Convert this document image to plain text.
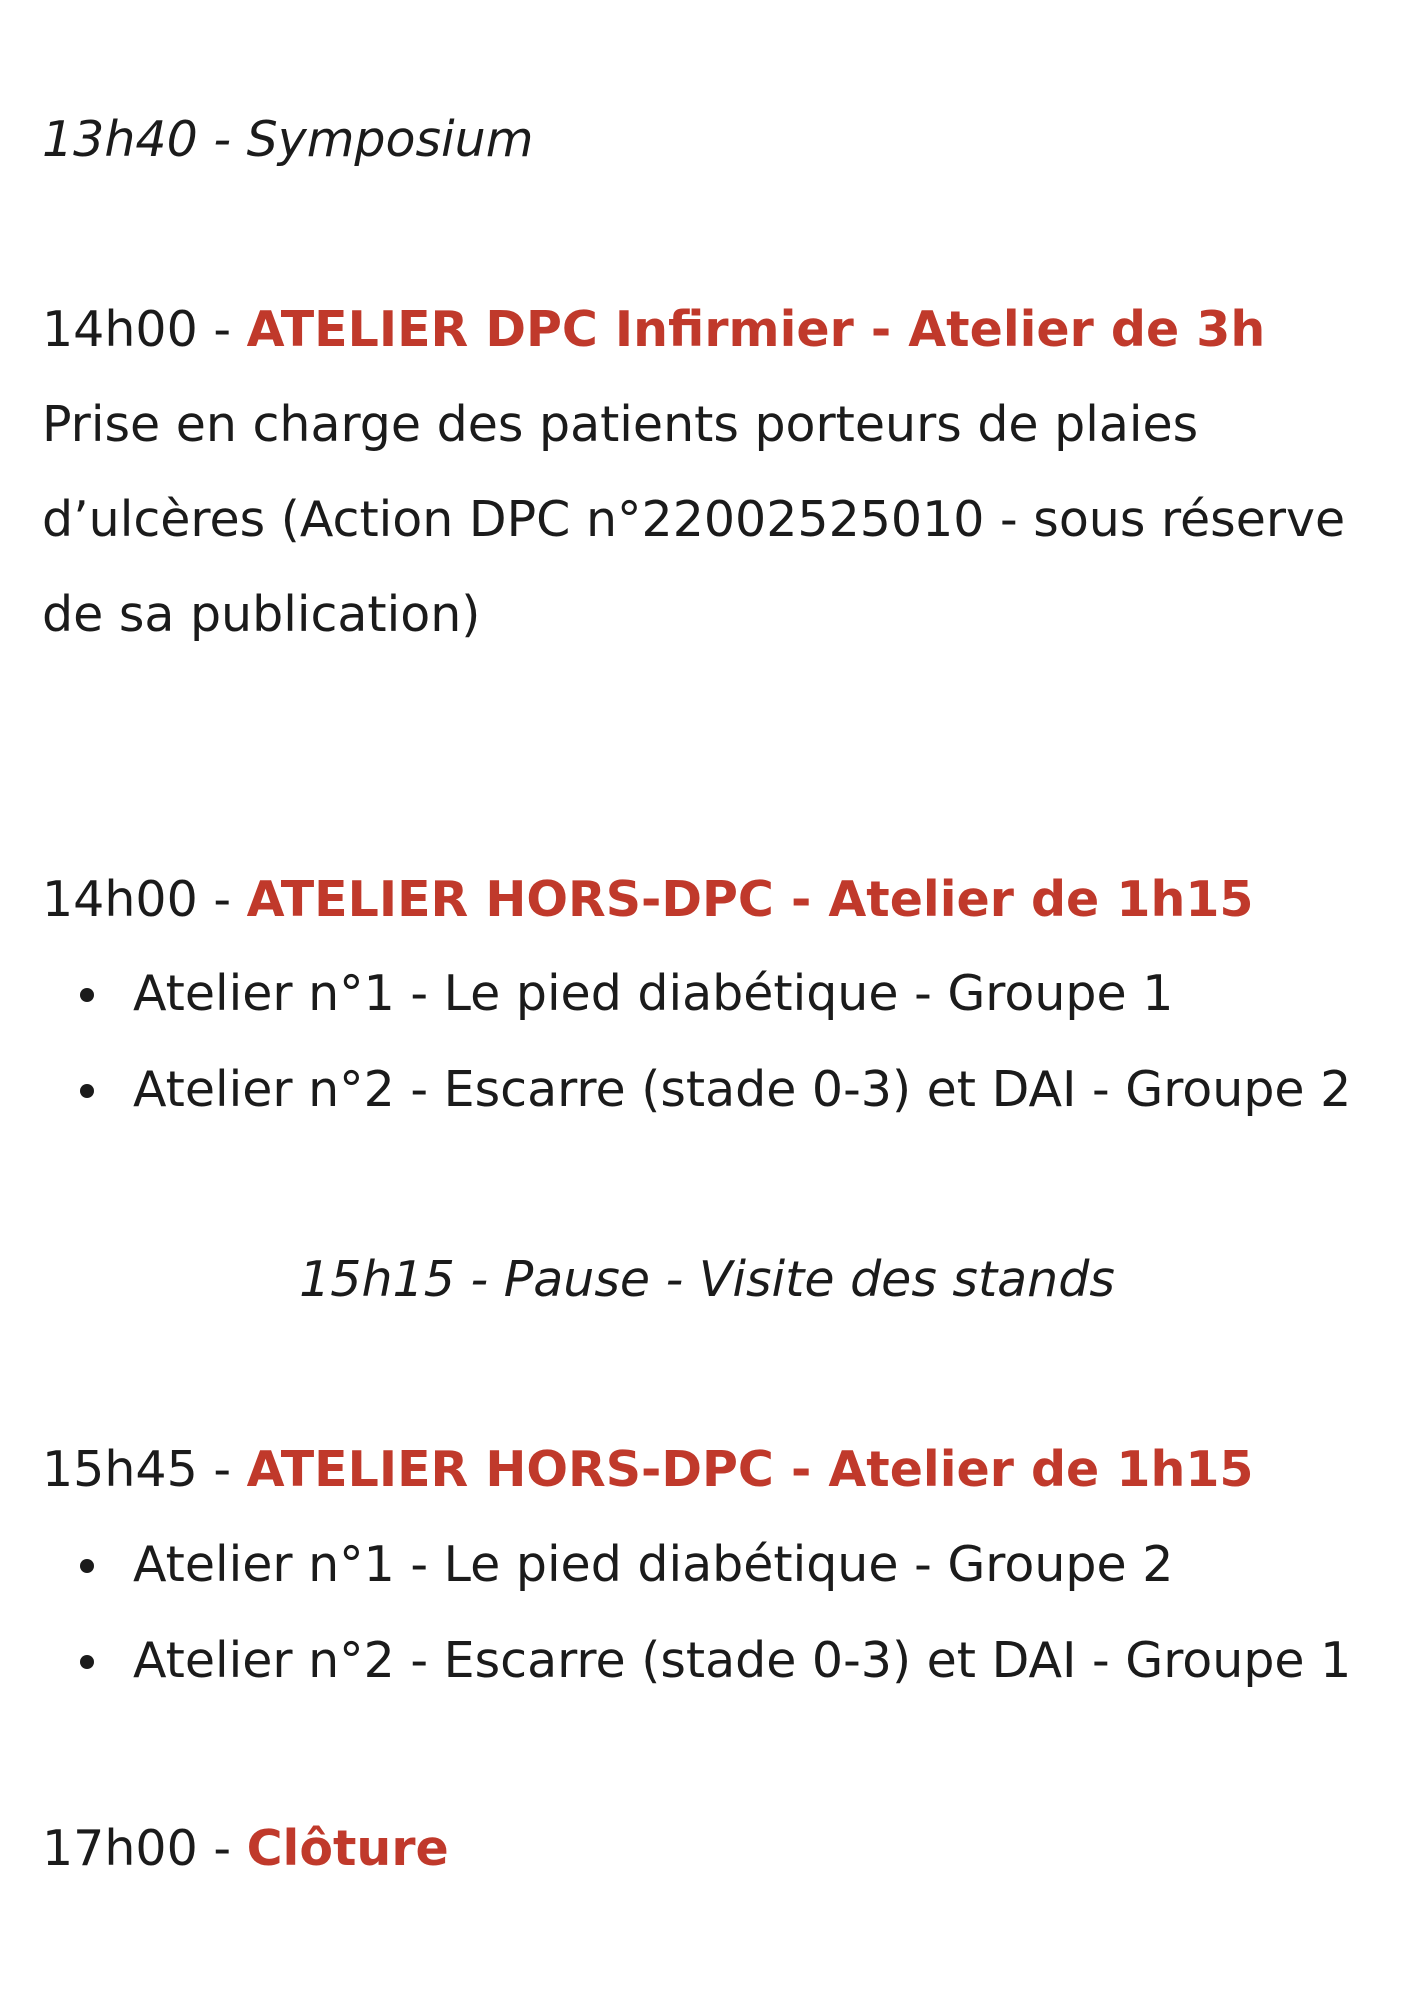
13h40 - Symposium

14h00 - ATELIER DPC Infirmier - Atelier de 3h

Prise en charge des patients porteurs de plaies

d’ulcères (Action DPC n°22002525010 - sous réserve

de sa publication)

14h00 - ATELIER HORS-DPC - Atelier de 1h15

Atelier n°1 - Le pied diabétique - Groupe 1
Atelier n°2 - Escarre (stade 0-3) et DAI - Groupe 2

15h15 - Pause - Visite des stands

15h45 - ATELIER HORS-DPC - Atelier de 1h15

Atelier n°1 - Le pied diabétique - Groupe 2
Atelier n°2 - Escarre (stade 0-3) et DAI - Groupe 1

17h00 - Clôture
